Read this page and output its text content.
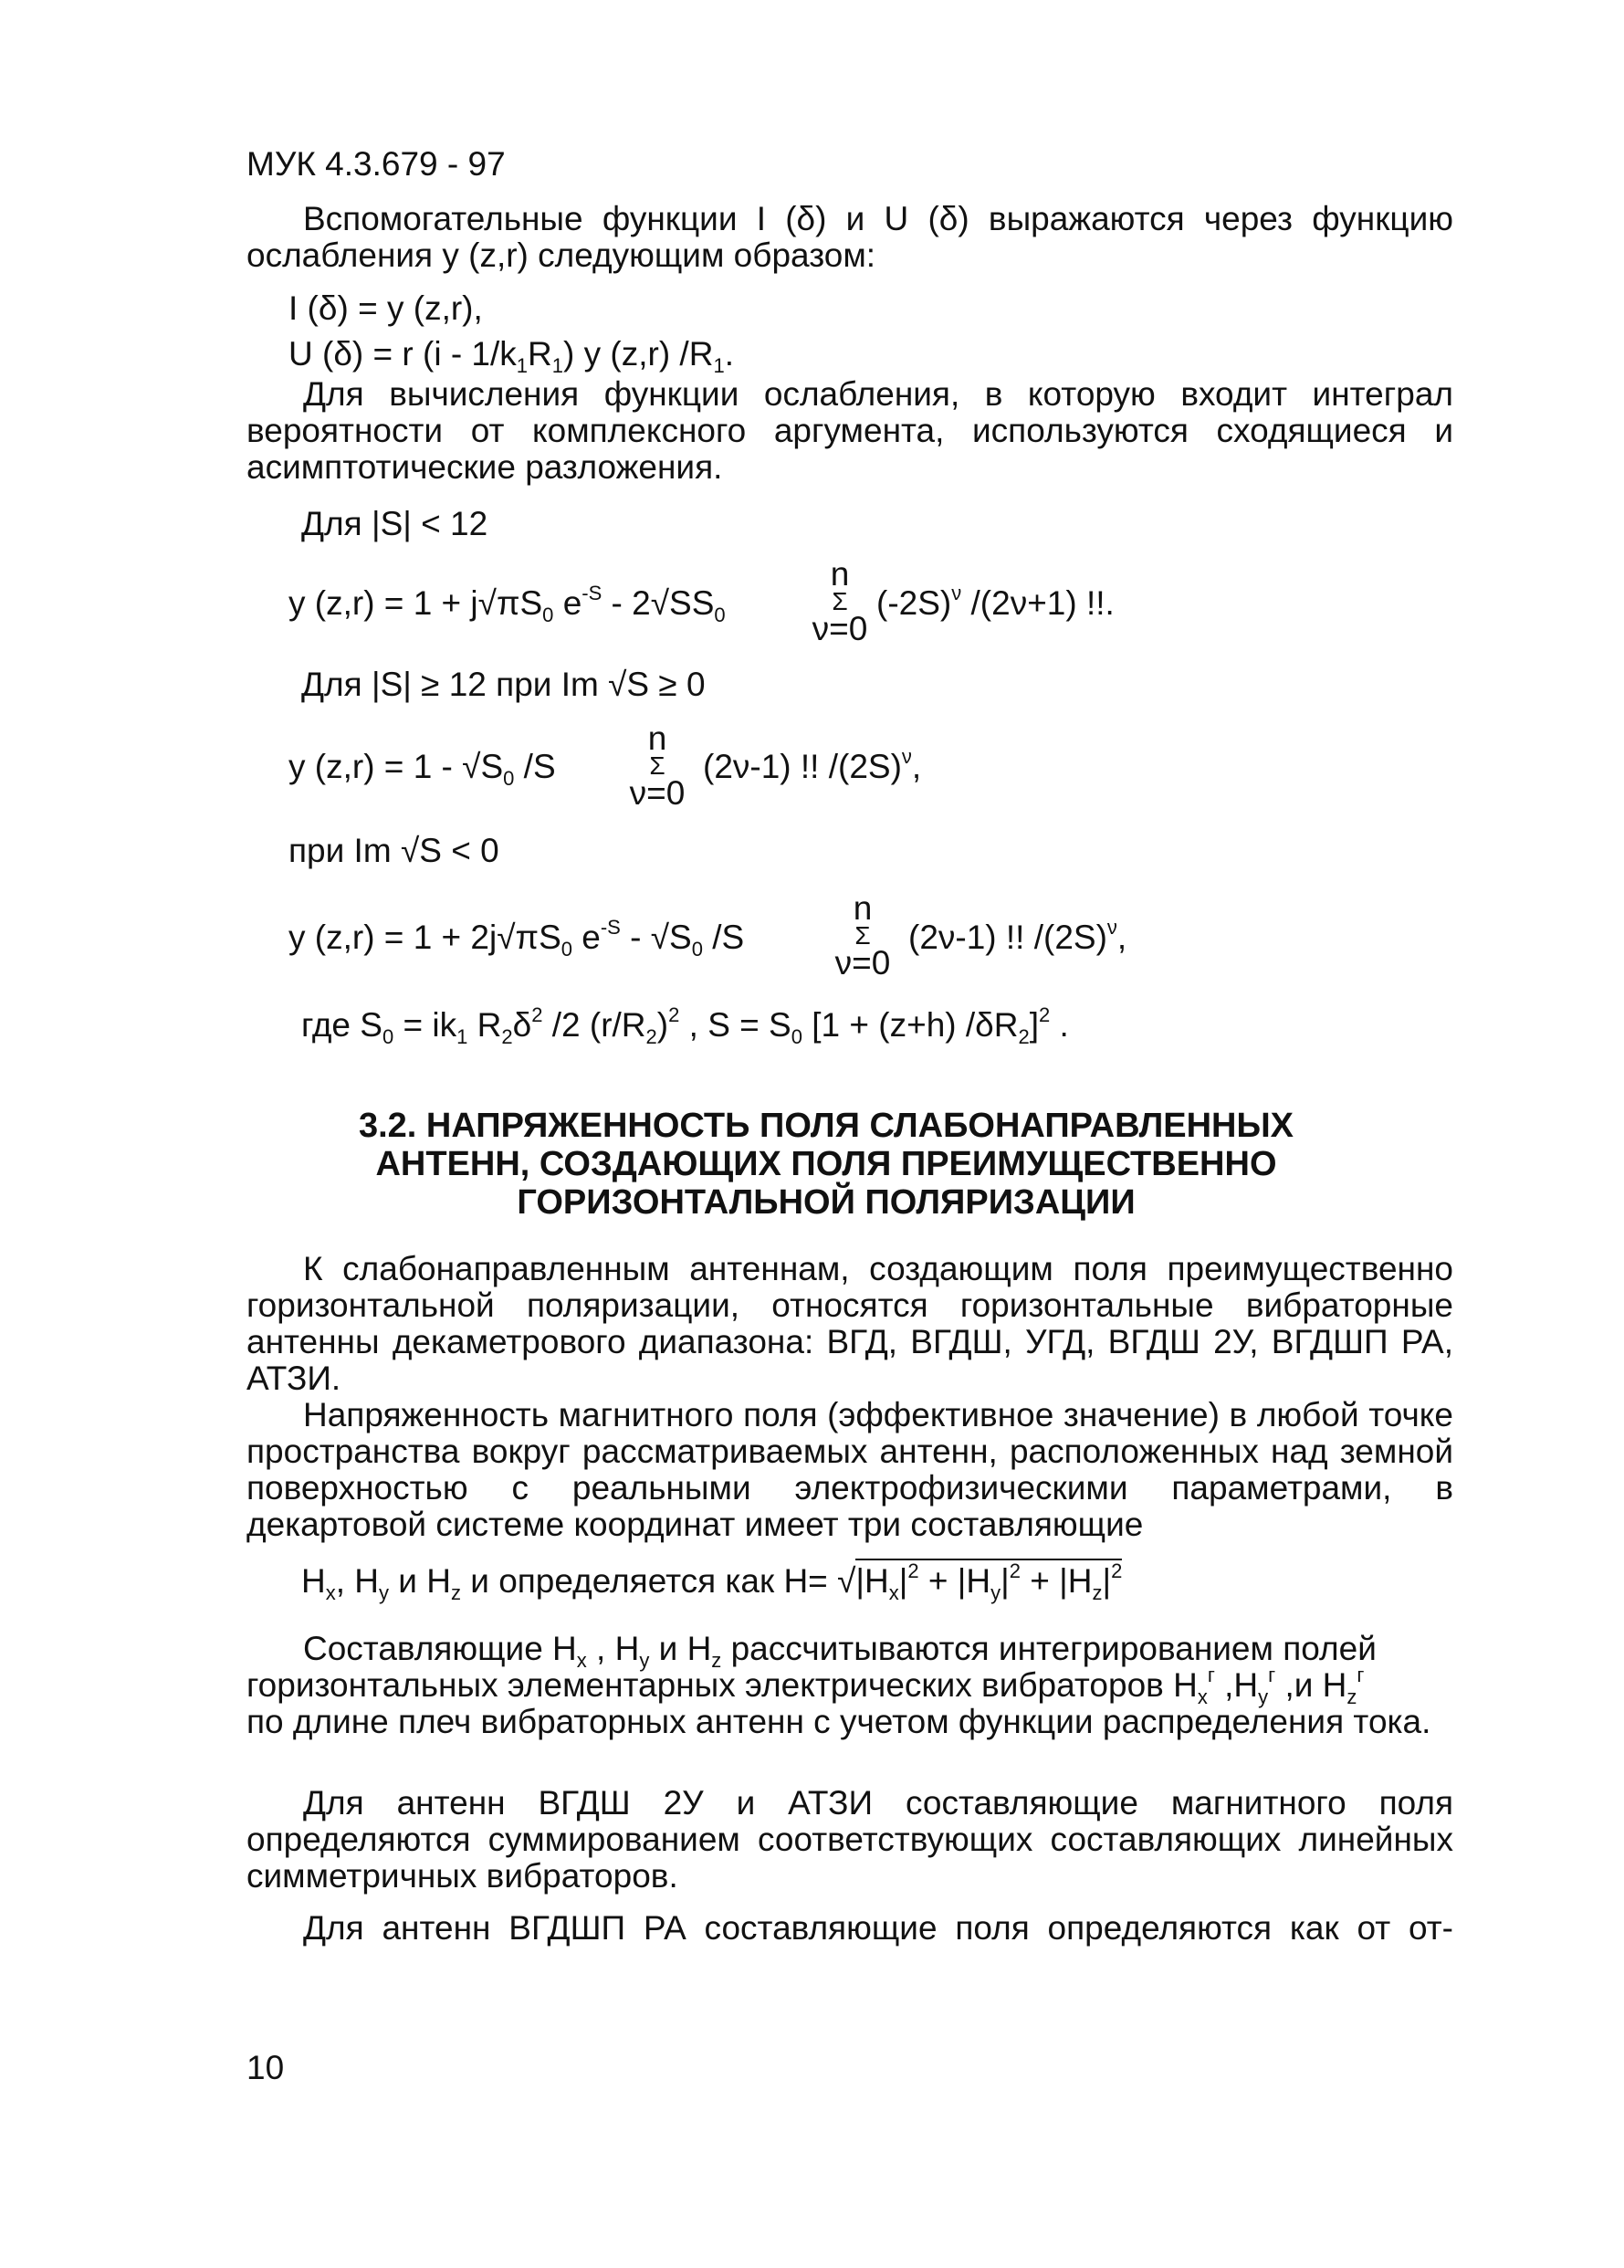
МУК 4.3.679 - 97

Вспомогательные функции I (δ) и U (δ) выражаются через функцию ослабления у (z,r) следующим образом:

I (δ) = у (z,r),
U (δ) = r $(i - 1/k_1R_1)$ у (z,r) $/R_1$.

Для вычисления функции ослабления, в которую входит интеграл вероятности от комплексного аргумента, используются сходящиеся и асимптотические разложения.

Для |S| < 12
у $(z,r) = 1 + j√\pi S_0$ $e^{-S} - 2√SS_0$
n
Σ
ν=0
$(-2S)^\nu$ /(2ν+1) !!.
Для |S| ≥ 12 при Im √S ≥ 0
у $(z,r) = 1 - √S_0$ /S
n
Σ
ν=0
(2ν-1) !! $/(2S)^\nu$,
при Im √S < 0
у $(z,r) = 1 + 2j√\pi S_0$ $e^{-S} - √S_0$ /S
n
Σ
ν=0
(2ν-1) !! $/(2S)^\nu$,
где $S_0 = ik_1$ $R_2\delta^2$ /2 $(r/R_2)^2$ , $S = S_0$ [1 + (z+h) $/\delta R_2]^2$ .
3.2. НАПРЯЖЕННОСТЬ ПОЛЯ СЛАБОНАПРАВЛЕННЫХ
АНТЕНН, СОЗДАЮЩИХ ПОЛЯ ПРЕИМУЩЕСТВЕННО
ГОРИЗОНТАЛЬНОЙ ПОЛЯРИЗАЦИИ

К слабонаправленным антеннам, создающим поля преимущественно горизонтальной поляризации, относятся горизонтальные вибраторные антенны декаметрового диапазона: ВГД, ВГДШ, УГД, ВГДШ 2У, ВГДШП РА, АТЗИ.

Напряженность магнитного поля (эффективное значение) в любой точке пространства вокруг рассматриваемых антенн, расположенных над земной поверхностью с реальными электрофизическими параметрами, в декартовой системе координат имеет три составляющие

$H_x$, $H_y$ и $H_z$ и определяется как $H= √|H_x|^2 + |H_y|^2 + |H_z|^2$
Составляющие $H_x$ , $H_y$ и $H_z$ рассчитываются интегрированием полей
горизонтальных элементарных электрических вибраторов $H_x^г$ $,H_y^г$ ,и $H_z^г$

по длине плеч вибраторных антенн с учетом функции распределения тока.

Для антенн ВГДШ 2У и АТЗИ составляющие магнитного поля определяются суммированием соответствующих составляющих линейных симметричных вибраторов.

Для антенн ВГДШП РА составляющие поля определяются как от от-

10
